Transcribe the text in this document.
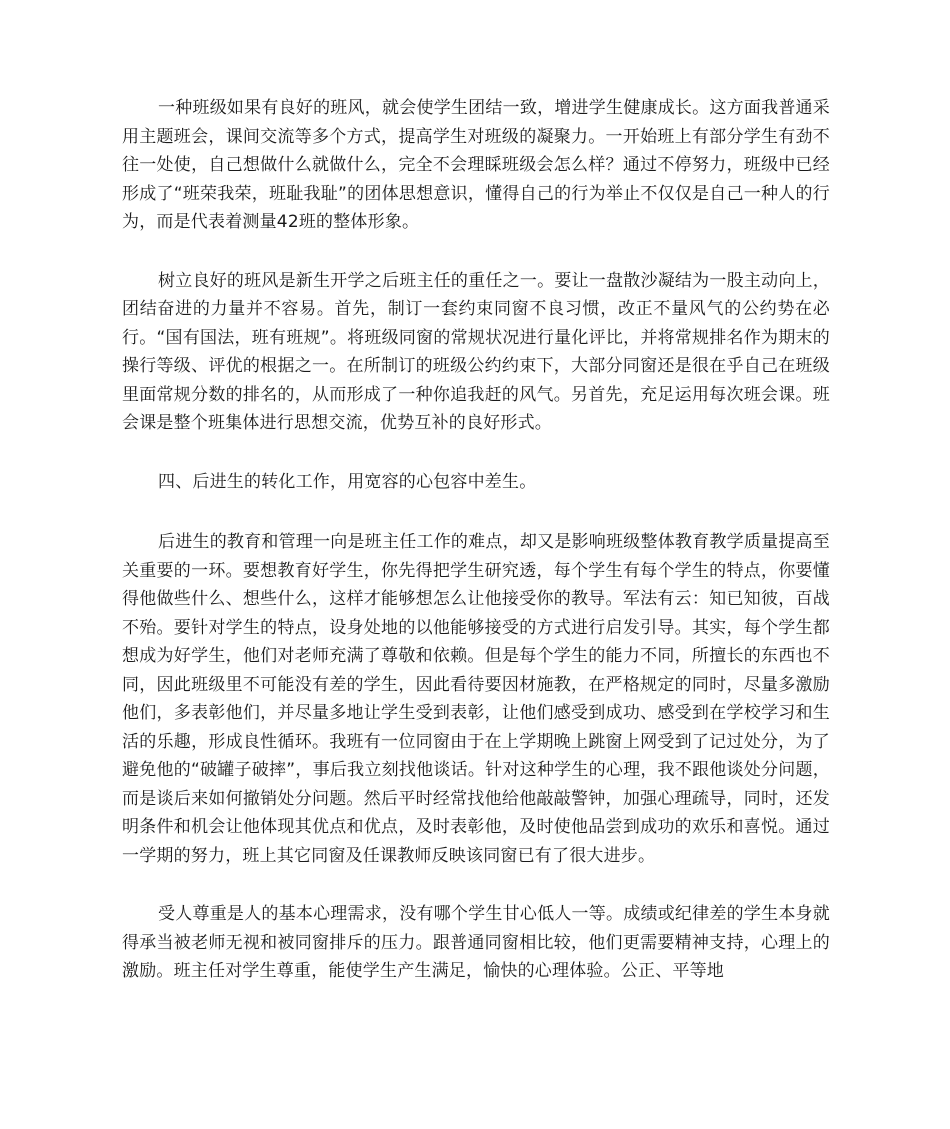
一种班级如果有良好的班风，就会使学生团结一致，增进学生健康成长。这方面我普通采用主题班会，课间交流等多个方式，提高学生对班级的凝聚力。一开始班上有部分学生有劲不往一处使，自己想做什么就做什么，完全不会理睬班级会怎么样？通过不停努力，班级中已经形成了“班荣我荣，班耻我耻”的团体思想意识，懂得自己的行为举止不仅仅是自己一种人的行为，而是代表着测量42班的整体形象。

树立良好的班风是新生开学之后班主任的重任之一。要让一盘散沙凝结为一股主动向上，团结奋进的力量并不容易。首先，制订一套约束同窗不良习惯，改正不量风气的公约势在必行。“国有国法，班有班规”。将班级同窗的常规状况进行量化评比，并将常规排名作为期末的操行等级、评优的根据之一。在所制订的班级公约约束下，大部分同窗还是很在乎自己在班级里面常规分数的排名的，从而形成了一种你追我赶的风气。另首先，充足运用每次班会课。班会课是整个班集体进行思想交流，优势互补的良好形式。

四、后进生的转化工作，用宽容的心包容中差生。

后进生的教育和管理一向是班主任工作的难点，却又是影响班级整体教育教学质量提高至关重要的一环。要想教育好学生，你先得把学生研究透，每个学生有每个学生的特点，你要懂得他做些什么、想些什么，这样才能够想怎么让他接受你的教导。军法有云：知已知彼，百战不殆。要针对学生的特点，设身处地的以他能够接受的方式进行启发引导。其实，每个学生都想成为好学生，他们对老师充满了尊敬和依赖。但是每个学生的能力不同，所擅长的东西也不同，因此班级里不可能没有差的学生，因此看待要因材施教，在严格规定的同时，尽量多激励他们，多表彰他们，并尽量多地让学生受到表彰，让他们感受到成功、感受到在学校学习和生活的乐趣，形成良性循环。我班有一位同窗由于在上学期晚上跳窗上网受到了记过处分，为了避免他的“破罐子破摔”，事后我立刻找他谈话。针对这种学生的心理，我不跟他谈处分问题，而是谈后来如何撤销处分问题。然后平时经常找他给他敲敲警钟，加强心理疏导，同时，还发明条件和机会让他体现其优点和优点，及时表彰他，及时使他品尝到成功的欢乐和喜悦。通过一学期的努力，班上其它同窗及任课教师反映该同窗已有了很大进步。

受人尊重是人的基本心理需求，没有哪个学生甘心低人一等。成绩或纪律差的学生本身就得承当被老师无视和被同窗排斥的压力。跟普通同窗相比较，他们更需要精神支持，心理上的激励。班主任对学生尊重，能使学生产生满足，愉快的心理体验。公正、平等地
